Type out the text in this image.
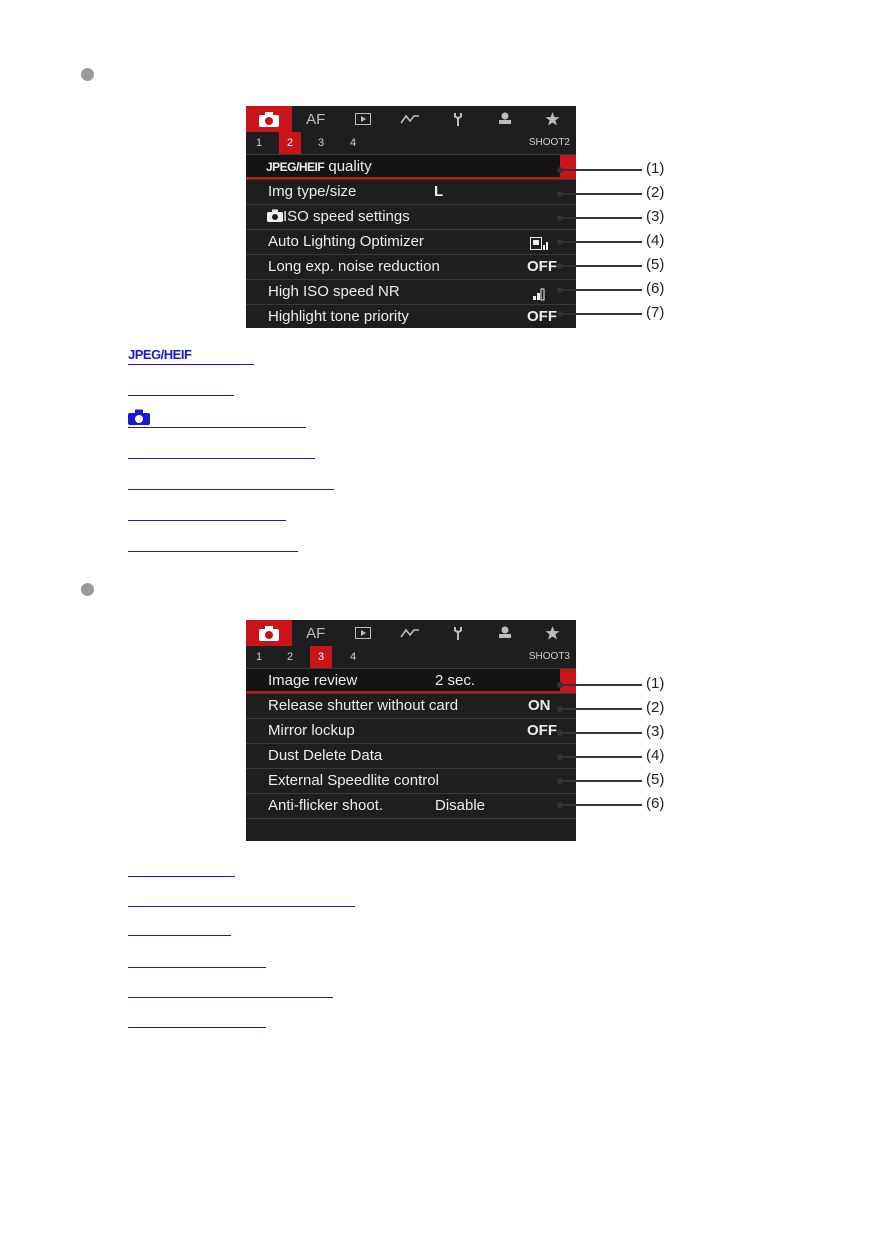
AF
1	2	3	4	SHOOT2
JPEG/HEIF quality
Img type/size	L
ISO speed settings
Auto Lighting Optimizer
Long exp. noise reduction	OFF
High ISO speed NR
Highlight tone priority	OFF
(1)
(2)
(3)
(4)
(5)
(6)
(7)
JPEG/HEIF
AF
1	2	3	4	SHOOT3
Image review	2 sec.
Release shutter without card	ON
Mirror lockup	OFF
Dust Delete Data
External Speedlite control
Anti-flicker shoot.	Disable
(1)
(2)
(3)
(4)
(5)
(6)
